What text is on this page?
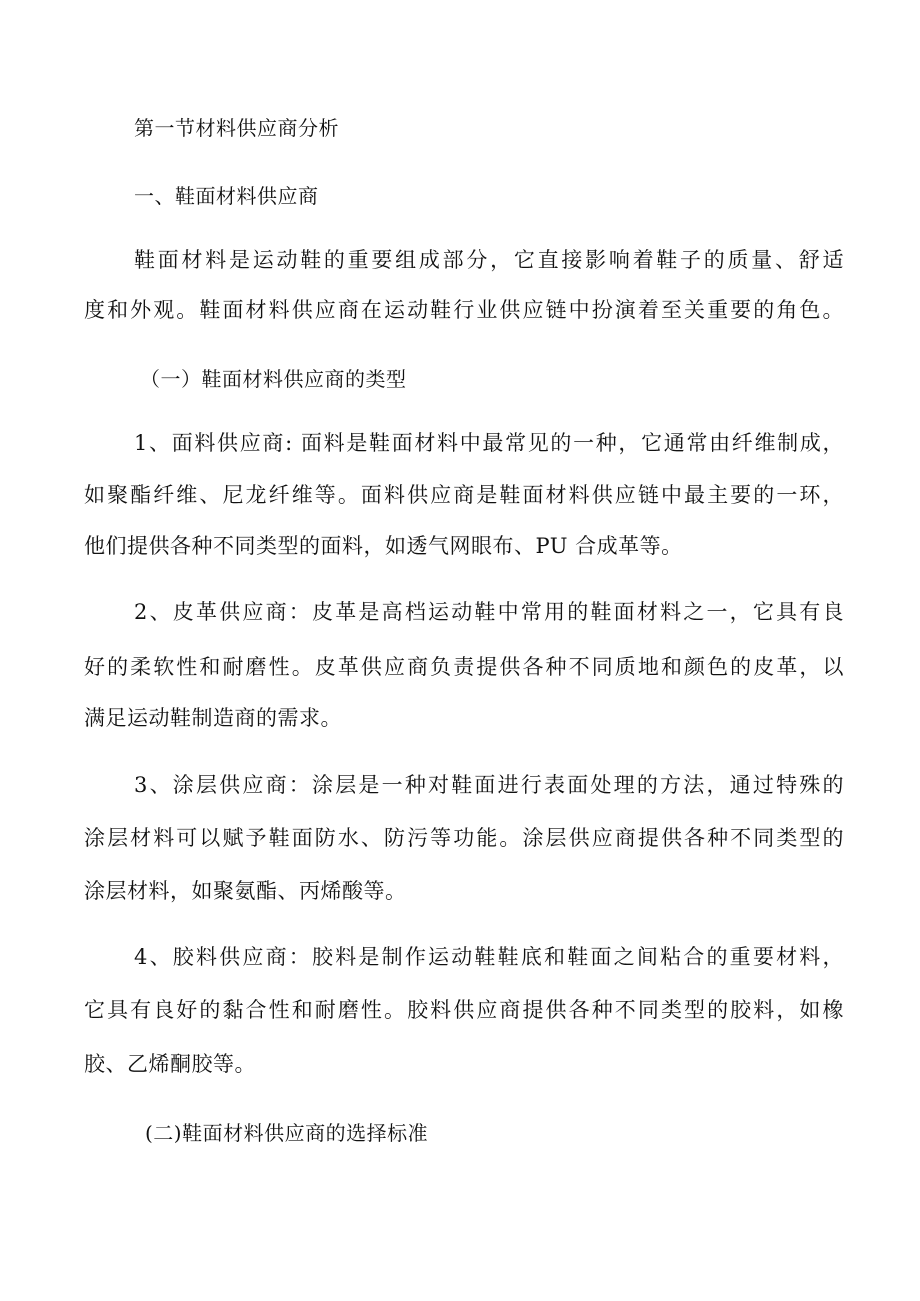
第一节材料供应商分析
一、鞋面材料供应商
鞋面材料是运动鞋的重要组成部分，它直接影响着鞋子的质量、舒适
度和外观。鞋面材料供应商在运动鞋行业供应链中扮演着至关重要的角色。
（一）鞋面材料供应商的类型
1、面料供应商: 面料是鞋面材料中最常见的一种，它通常由纤维制成，
如聚酯纤维、尼龙纤维等。面料供应商是鞋面材料供应链中最主要的一环，
他们提供各种不同类型的面料，如透气网眼布、PU 合成革等。
2、皮革供应商：皮革是高档运动鞋中常用的鞋面材料之一，它具有良
好的柔软性和耐磨性。皮革供应商负责提供各种不同质地和颜色的皮革，以
满足运动鞋制造商的需求。
3、涂层供应商：涂层是一种对鞋面进行表面处理的方法，通过特殊的
涂层材料可以赋予鞋面防水、防污等功能。涂层供应商提供各种不同类型的
涂层材料，如聚氨酯、丙烯酸等。
4、胶料供应商：胶料是制作运动鞋鞋底和鞋面之间粘合的重要材料，
它具有良好的黏合性和耐磨性。胶料供应商提供各种不同类型的胶料，如橡
胶、乙烯酮胶等。
(二)鞋面材料供应商的选择标准
